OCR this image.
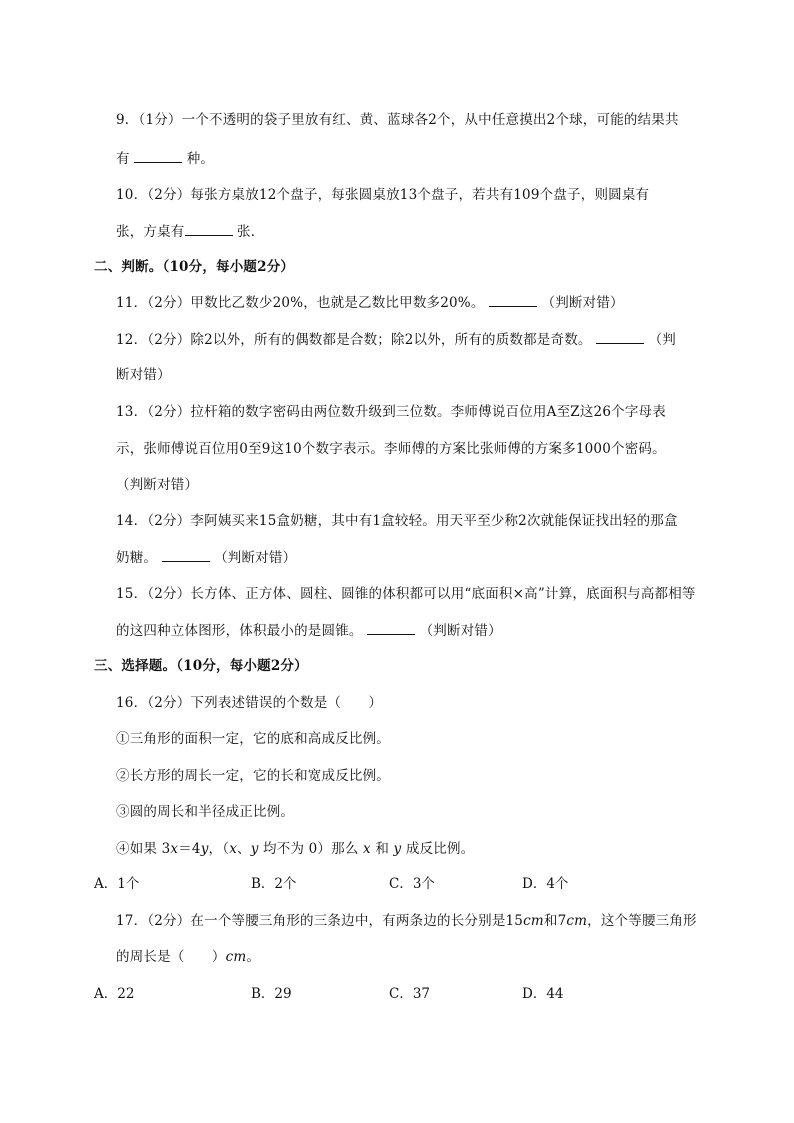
9．（1分）一个不透明的袋子里放有红、黄、蓝球各2个，从中任意摸出2个球，可能的结果共
有	种。
10．（2分）每张方桌放12个盘子，每张圆桌放13个盘子，若共有109个盘子，则圆桌有
张，方桌有	张．
二、判断。（10分，每小题2分）
11．（2分）甲数比乙数少20%，也就是乙数比甲数多20%。	（判断对错）
12．（2分）除2以外，所有的偶数都是合数；除2以外，所有的质数都是奇数。	（判
断对错）
13．（2分）拉杆箱的数字密码由两位数升级到三位数。李师傅说百位用A至Z这26个字母表
示，张师傅说百位用0至9这10个数字表示。李师傅的方案比张师傅的方案多1000个密码。
（判断对错）
14．（2分）李阿姨买来15盒奶糖，其中有1盒较轻。用天平至少称2次就能保证找出轻的那盒
奶糖。	（判断对错）
15．（2分）长方体、正方体、圆柱、圆锥的体积都可以用“底面积×高”计算，底面积与高都相等
的这四种立体图形，体积最小的是圆锥。	（判断对错）
三、选择题。（10分，每小题2分）
16．（2分）下列表述错误的个数是（　　）
①三角形的面积一定，它的底和高成反比例。
②长方形的周长一定，它的长和宽成反比例。
③圆的周长和半径成正比例。
④如果 3x＝4y，（x、y 均不为 0）那么 x 和 y 成反比例。
A．1个	B．2个	C．3个	D．4个
17．（2分）在一个等腰三角形的三条边中，有两条边的长分别是15cm和7cm，这个等腰三角形
的周长是（　　）cm。
A．22	B．29	C．37	D．44
